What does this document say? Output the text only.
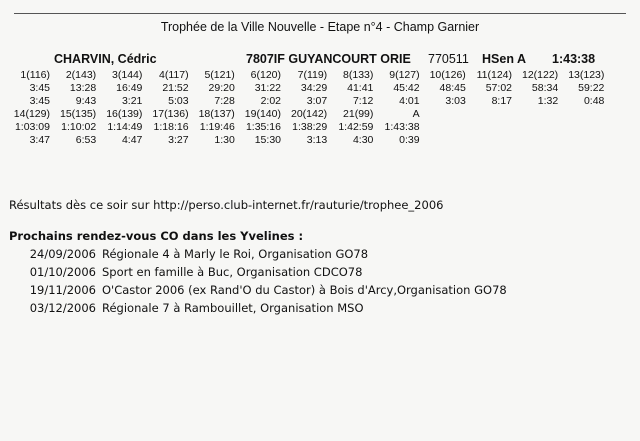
Trophée de la Ville Nouvelle - Etape n°4 - Champ Garnier
CHARVIN, Cédric	7807IF GUYANCOURT ORIE 770511 HSen A 1:43:38
1(116)
3:45
3:45
2(143)
13:28
9:43
3(144)
16:49
3:21
4(117)
21:52
5:03
5(121)
29:20
7:28
6(120)
31:22
2:02
7(119)
34:29
3:07
8(133)
41:41
7:12
9(127)
45:42
4:01
10(126)
48:45
3:03
11(124)
57:02
8:17
12(122)
58:34
1:32
13(123)
59:22
0:48
14(129)
1:03:09
3:47
15(135)
1:10:02
6:53
16(139)
1:14:49
4:47
17(136)
1:18:16
3:27
18(137)
1:19:46
1:30
19(140)
1:35:16
15:30
20(142)
1:38:29
3:13
21(99)
1:42:59
4:30
A
1:43:38
0:39
Résultats dès ce soir sur http://perso.club-internet.fr/rauturie/trophee_2006
Prochains rendez-vous CO dans les Yvelines :
24/09/2006 Régionale 4 à Marly le Roi, Organisation GO78
01/10/2006 Sport en famille à Buc, Organisation CDCO78
19/11/2006 O'Castor 2006 (ex Rand'O du Castor) à Bois d'Arcy,Organisation GO78
03/12/2006 Régionale 7 à Rambouillet, Organisation MSO
